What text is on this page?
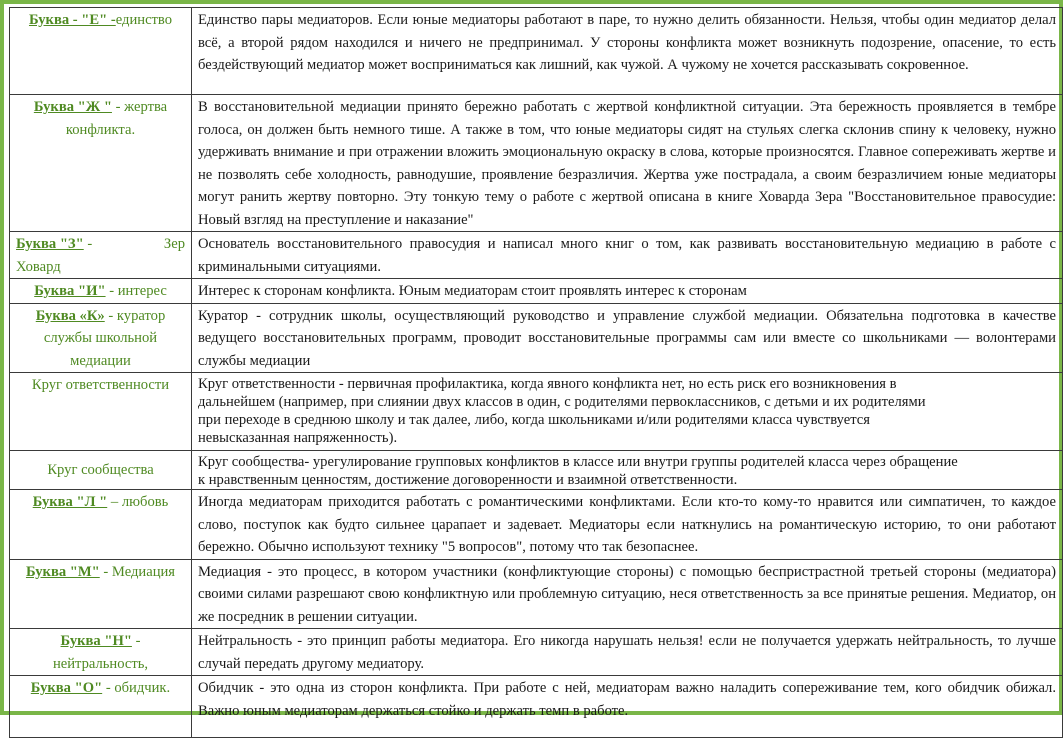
Буква - "Е" -единство	Единство пары медиаторов. Если юные медиаторы работают в паре, то нужно делить обязанности. Нельзя, чтобы один медиатор делал всё, а второй рядом находился и ничего не предпринимал. У стороны конфликта может возникнуть подозрение, опасение, то есть бездействующий медиатор может восприниматься как лишний, как чужой. А чужому не хочется рассказывать сокровенное.
Буква "Ж " - жертва конфликта.	В восстановительной медиации принято бережно работать с жертвой конфликтной ситуации. Эта бережность проявляется в тембре голоса, он должен быть немного тише. А также в том, что юные медиаторы сидят на стульях слегка склонив спину к человеку, нужно удерживать внимание и при отражении вложить эмоциональную окраску в слова, которые произносятся. Главное сопереживать жертве и не позволять себе холодность, равнодушие, проявление безразличия. Жертва уже пострадала, а своим безразличием юные медиаторы могут ранить жертву повторно. Эту тонкую тему о работе с жертвой описана в книге Ховарда Зера "Восстановительное правосудие: Новый взгляд на преступление и наказание"

Буква "З" - Зер
Ховард	Основатель восстановительного правосудия и написал много книг о том, как развивать восстановительную медиацию в работе с криминальными ситуациями.
Буква "И" - интерес	Интерес к сторонам конфликта. Юным медиаторам стоит проявлять интерес к сторонам
Буква «К» - куратор службы школьной медиации	Куратор - сотрудник школы, осуществляющий руководство и управление службой медиации. Обязательна подготовка в качестве ведущего восстановительных программ, проводит восстановительные программы сам или вместе со школьниками — волонтерами службы медиации
Круг ответственности	Круг ответственности - первичная профилактика, когда явного конфликта нет, но есть риск его возникновения в
дальнейшем (например, при слиянии двух классов в один, с родителями первоклассников, с детьми и их родителями
при переходе в среднюю школу и так далее, либо, когда школьниками и/или родителями класса чувствуется
невысказанная напряженность).

Круг сообщества	Круг сообщества- урегулирование групповых конфликтов в классе или внутри группы родителей класса через обращение
к нравственным ценностям, достижение договоренности и взаимной ответственности.

Буква "Л " – любовь	Иногда медиаторам приходится работать с романтическими конфликтами. Если кто-то кому-то нравится или симпатичен, то каждое слово, поступок как будто сильнее царапает и задевает. Медиаторы если наткнулись на романтическую историю, то они работают бережно. Обычно используют технику "5 вопросов", потому что так безопаснее.
Буква "М" - Медиация	Медиация - это процесс, в котором участники (конфликтующие стороны) с помощью беспристрастной третьей стороны (медиатора) своими силами разрешают свою конфликтную или проблемную ситуацию, неся ответственность за все принятые решения. Медиатор, он же посредник в решении ситуации.
Буква "Н" - нейтральность,	Нейтральность - это принцип работы медиатора. Его никогда нарушать нельзя! если не получается удержать нейтральность, то лучше случай передать другому медиатору.
Буква "О" - обидчик.	Обидчик - это одна из сторон конфликта. При работе с ней, медиаторам важно наладить сопереживание тем, кого обидчик обижал. Важно юным медиаторам держаться стойко и держать темп в работе.
